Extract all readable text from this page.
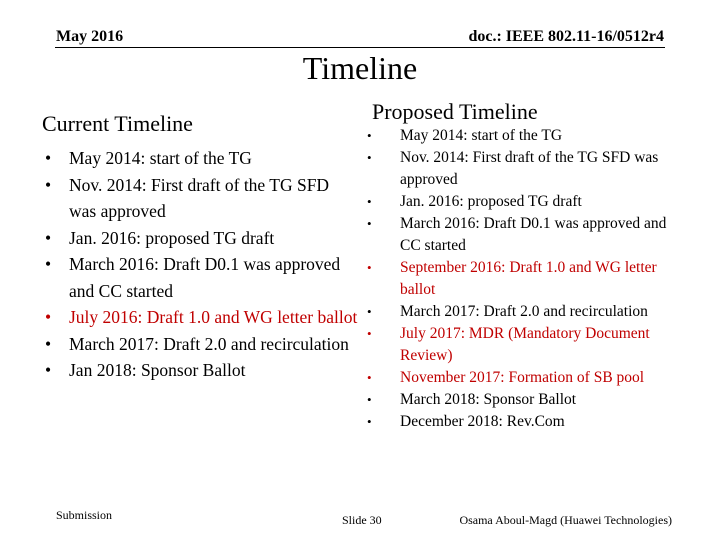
May 2016	doc.: IEEE 802.11-16/0512r4
Timeline
Current Timeline
• May 2014: start of the TG
• Nov. 2014: First draft of the TG SFD was approved
• Jan. 2016: proposed TG draft
• March 2016: Draft D0.1 was approved and CC started
• July 2016: Draft 1.0 and WG letter ballot
• March 2017: Draft 2.0 and recirculation
• Jan 2018: Sponsor Ballot
Proposed Timeline
• May 2014: start of the TG
• Nov. 2014: First draft of the TG SFD was approved
• Jan. 2016: proposed TG draft
• March 2016: Draft D0.1 was approved and CC started
• September 2016: Draft 1.0 and WG letter ballot
• March 2017: Draft 2.0 and recirculation
• July 2017: MDR (Mandatory Document Review)
• November 2017: Formation of SB pool
• March 2018: Sponsor Ballot
• December 2018: Rev.Com
Submission	Slide 30	Osama Aboul-Magd (Huawei Technologies)
